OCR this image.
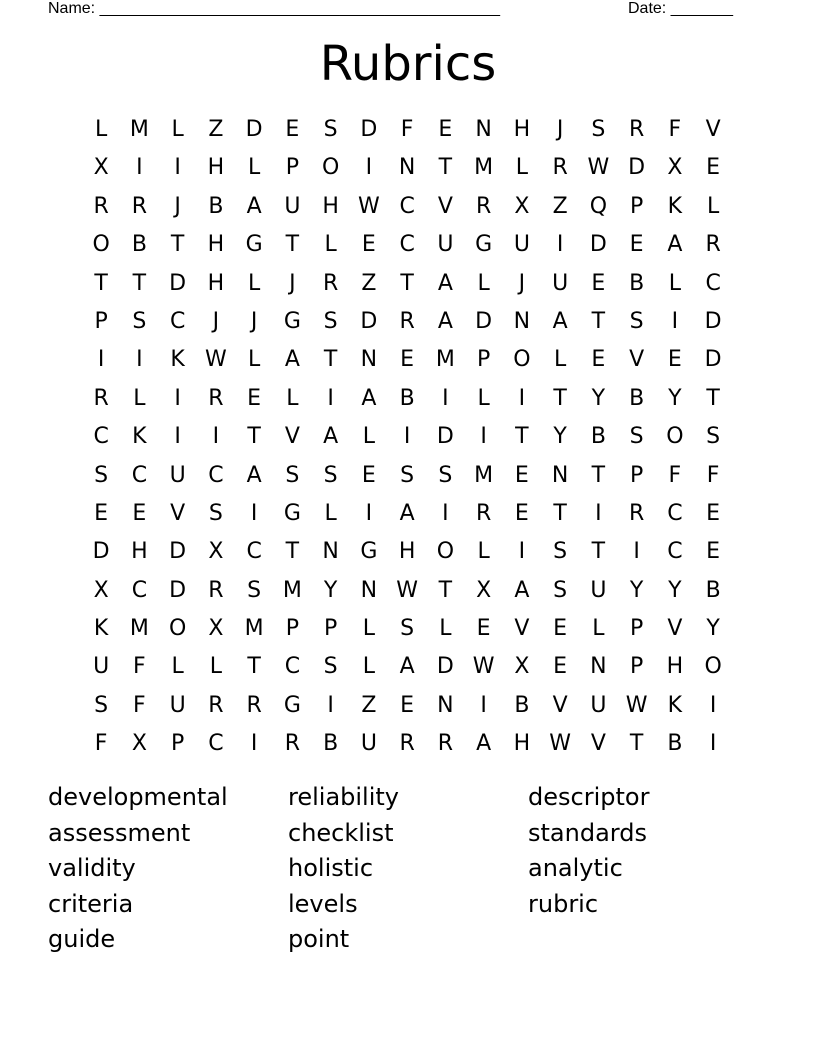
Name: _____________________________________________

	Date: _______

Rubrics
L	M	L	Z	D	E	S	D	F	E	N H	J	S	R	F	V
X	I	I	H	L	P	O	I	N	T	M	L	R W D	X	E
R	R	J	B	A	U H W C	V	R	X	Z	Q	P	K	L
O	B	T	H G	T	L	E	C	U G U	I	D	E	A	R
T	T	D H	L	J	R	Z	T	A	L	J	U	E	B	L	C
P	S	C	J	J	G	S	D	R	A	D N	A	T	S	I	D
I	I	K W L	A	T	N	E M	P	O	L	E	V	E	D
R	L	I	R	E	L	I	A	B	I	L	I	T	Y	B	Y	T
C	K	I	I	T	V	A	L	I	D	I	T	Y	B	S	O	S
S	C	U	C	A	S	S	E	S	S M E	N	T	P	F	F
E	E	V	S	I	G	L	I	A	I	R	E	T	I	R	C	E
D H D	X	C	T	N G H O	L	I	S	T	I	C	E
X	C	D	R	S M	Y	N W T	X	A	S	U	Y	Y	B
K M O	X M	P	P	L	S	L	E	V	E	L	P	V	Y
U	F	L	L	T	C	S	L	A	D W X	E	N	P	H O
S	F	U	R	R	G	I	Z	E	N	I	B	V	U W K	I
F	X	P	C	I	R	B	U	R	R	A	H W V	T	B	I
developmental
assessment
validity
criteria
guide
reliability
checklist
holistic
levels
point
descriptor
standards
analytic
rubric
